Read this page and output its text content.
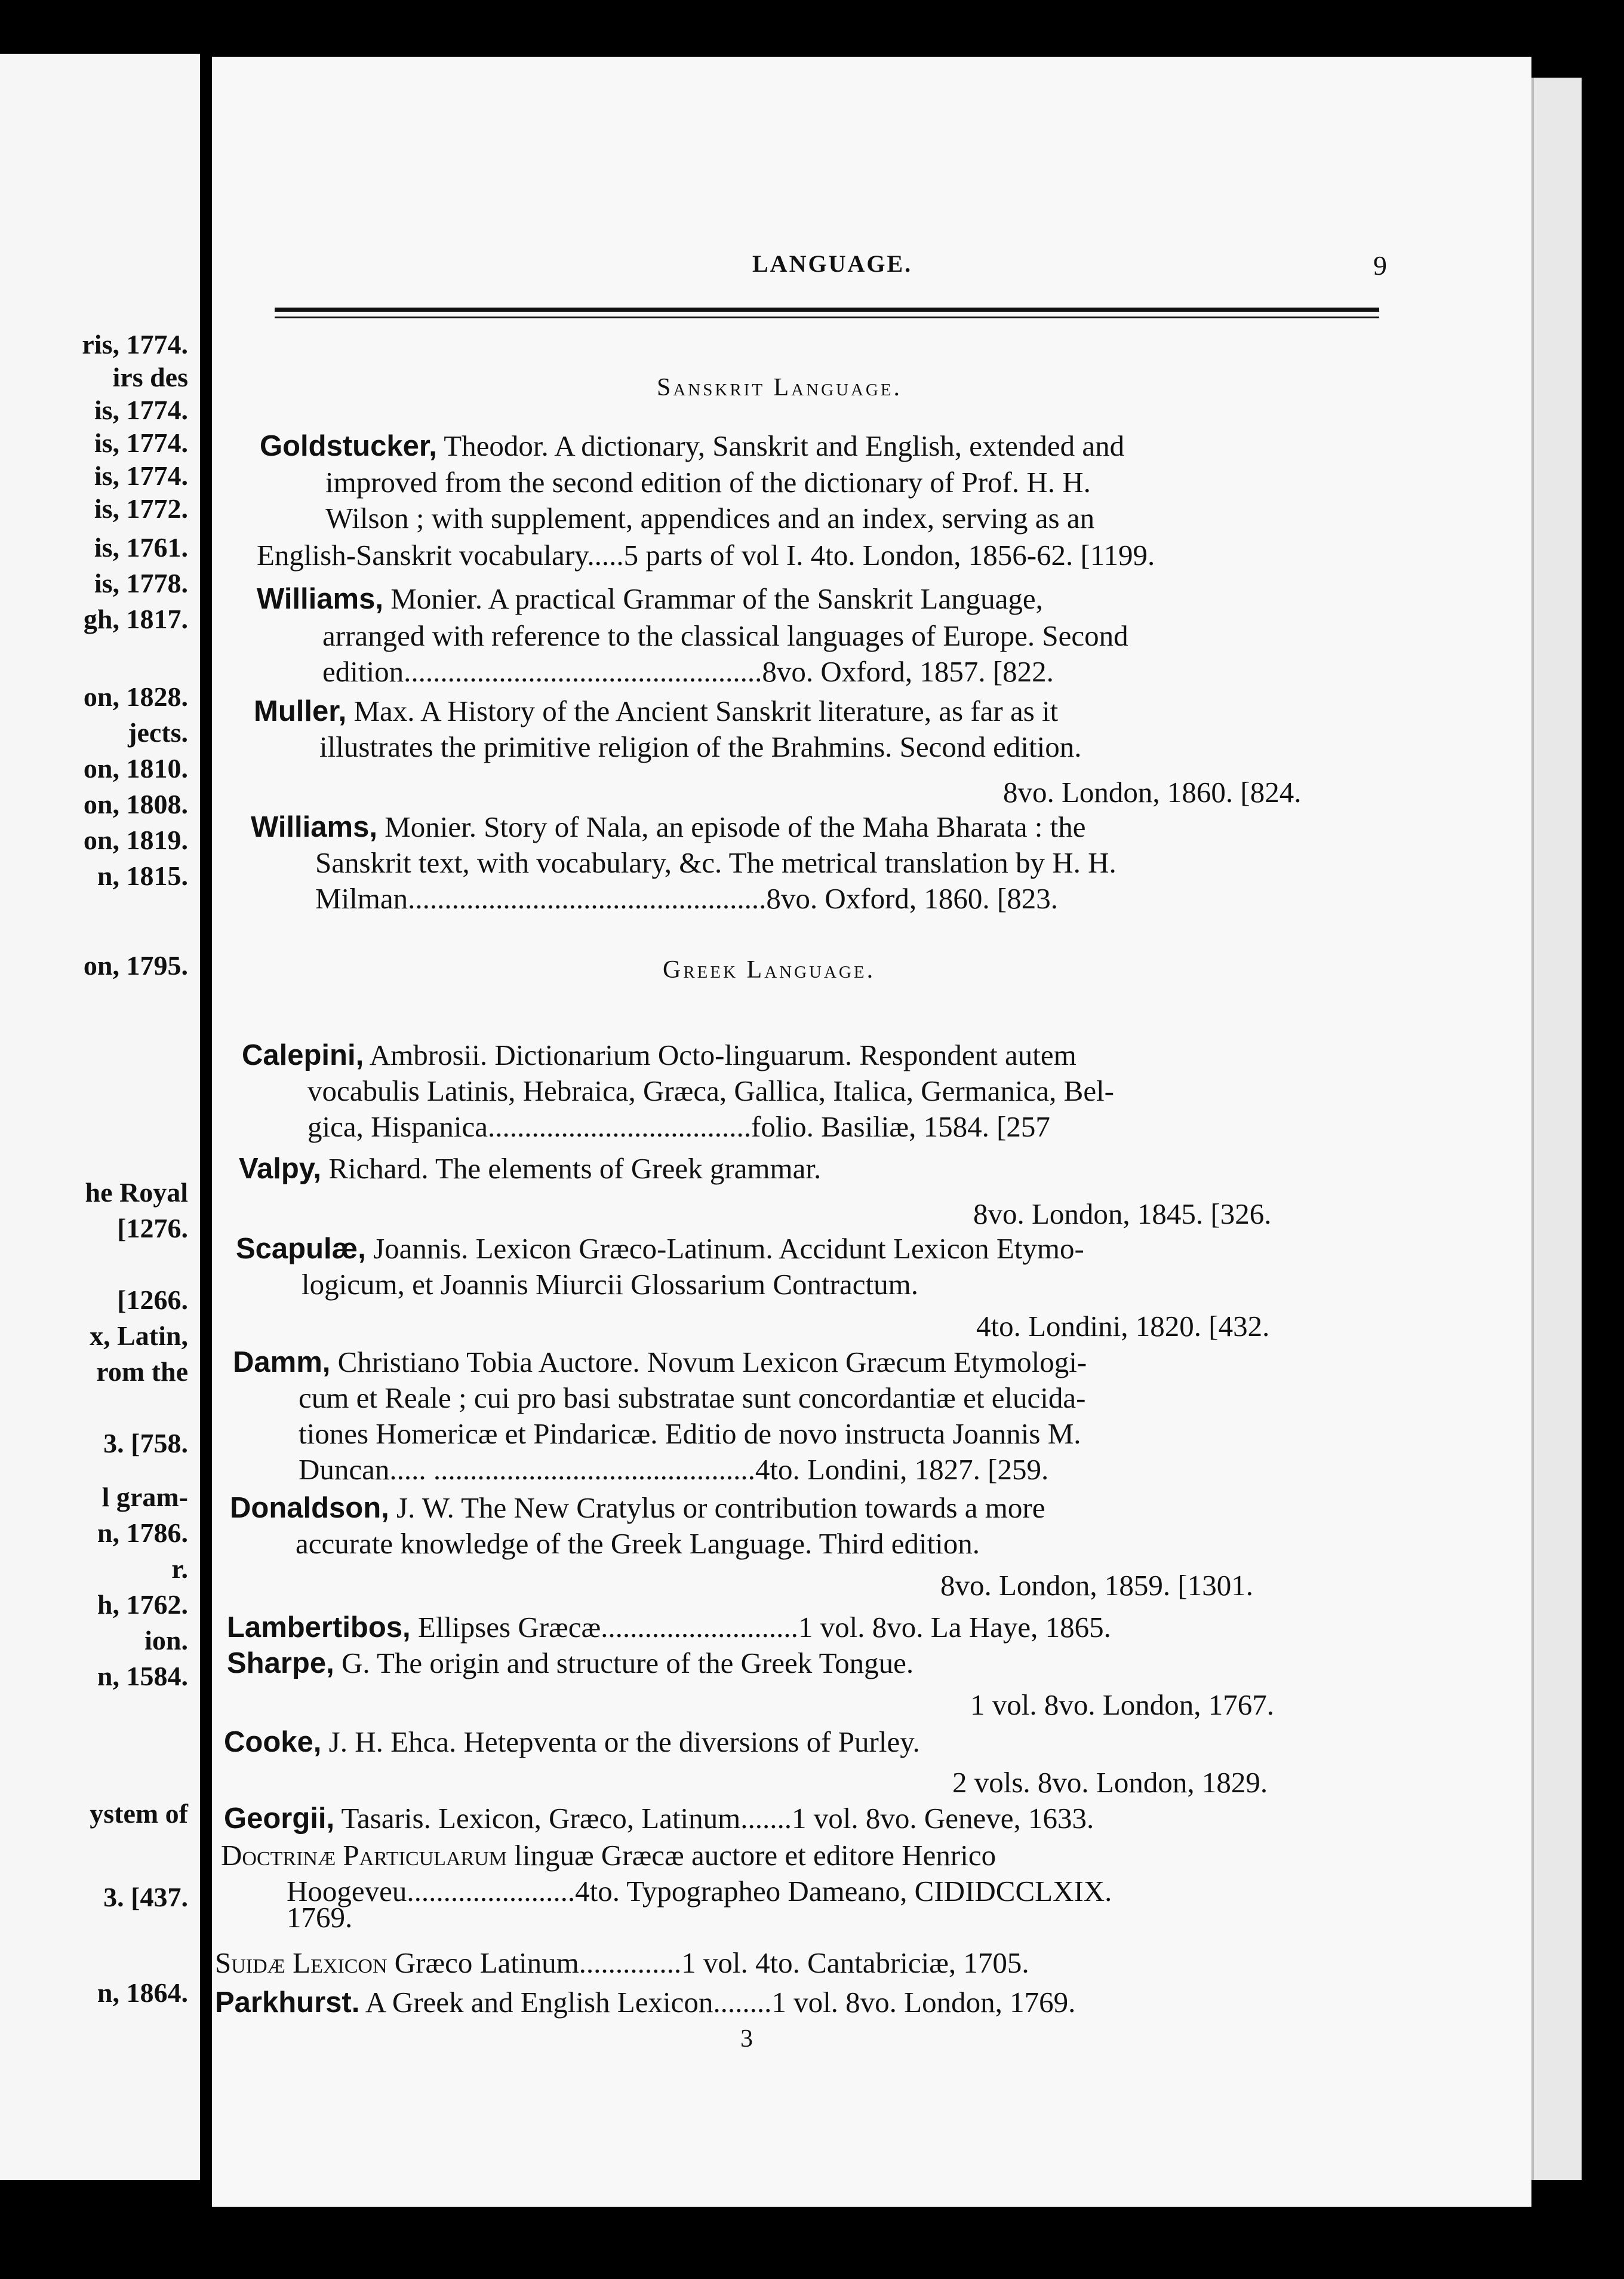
ris, 1774.
irs des
is, 1774.
is, 1774.
is, 1774.
is, 1772.
is, 1761.
is, 1778.
gh, 1817.
on, 1828.
jects.
on, 1810.
on, 1808.
on, 1819.
n, 1815.
on, 1795.
he Royal
[1276.
[1266.
x, Latin,
rom the
3. [758.
l gram-
n, 1786.
r.
h, 1762.
ion.
n, 1584.
ystem of
3. [437.
n, 1864.
LANGUAGE.	9
Sanskrit Language.
Goldstucker, Theodor. A dictionary, Sanskrit and English, extended and
improved from the second edition of the dictionary of Prof. H. H.
Wilson ; with supplement, appendices and an index, serving as an
English-Sanskrit vocabulary.....5 parts of vol I. 4to. London, 1856-62. [1199.
Williams, Monier. A practical Grammar of the Sanskrit Language,
arranged with reference to the classical languages of Europe. Second
edition.................................................8vo. Oxford, 1857. [822.
Muller, Max. A History of the Ancient Sanskrit literature, as far as it
illustrates the primitive religion of the Brahmins. Second edition.
8vo. London, 1860. [824.
Williams, Monier. Story of Nala, an episode of the Maha Bharata : the
Sanskrit text, with vocabulary, &c. The metrical translation by H. H.
Milman.................................................8vo. Oxford, 1860. [823.
Greek Language.
Calepini, Ambrosii. Dictionarium Octo-linguarum. Respondent autem
vocabulis Latinis, Hebraica, Græca, Gallica, Italica, Germanica, Bel-
gica, Hispanica....................................folio. Basiliæ, 1584. [257
Valpy, Richard. The elements of Greek grammar.
8vo. London, 1845. [326.
Scapulæ, Joannis. Lexicon Græco-Latinum. Accidunt Lexicon Etymo-
logicum, et Joannis Miurcii Glossarium Contractum.
4to. Londini, 1820. [432.
Damm, Christiano Tobia Auctore. Novum Lexicon Græcum Etymologi-
cum et Reale ; cui pro basi substratae sunt concordantiæ et elucida-
tiones Homericæ et Pindaricæ. Editio de novo instructa Joannis M.
Duncan..... ............................................4to. Londini, 1827. [259.
Donaldson, J. W. The New Cratylus or contribution towards a more
accurate knowledge of the Greek Language. Third edition.
8vo. London, 1859. [1301.
Lambertibos, Ellipses Græcæ...........................1 vol. 8vo. La Haye, 1865.
Sharpe, G. The origin and structure of the Greek Tongue.
1 vol. 8vo. London, 1767.
Cooke, J. H. Ehca. Hetepventa or the diversions of Purley.
2 vols. 8vo. London, 1829.
Georgii, Tasaris. Lexicon, Græco, Latinum.......1 vol. 8vo. Geneve, 1633.
Doctrinæ Particularum linguæ Græcæ auctore et editore Henrico
Hoogeveu.......................4to. Typographeo Dameano, CIDIDCCLXIX.
1769.
Suidæ Lexicon Græco Latinum..............1 vol. 4to. Cantabriciæ, 1705.
Parkhurst. A Greek and English Lexicon........1 vol. 8vo. London, 1769.
3
